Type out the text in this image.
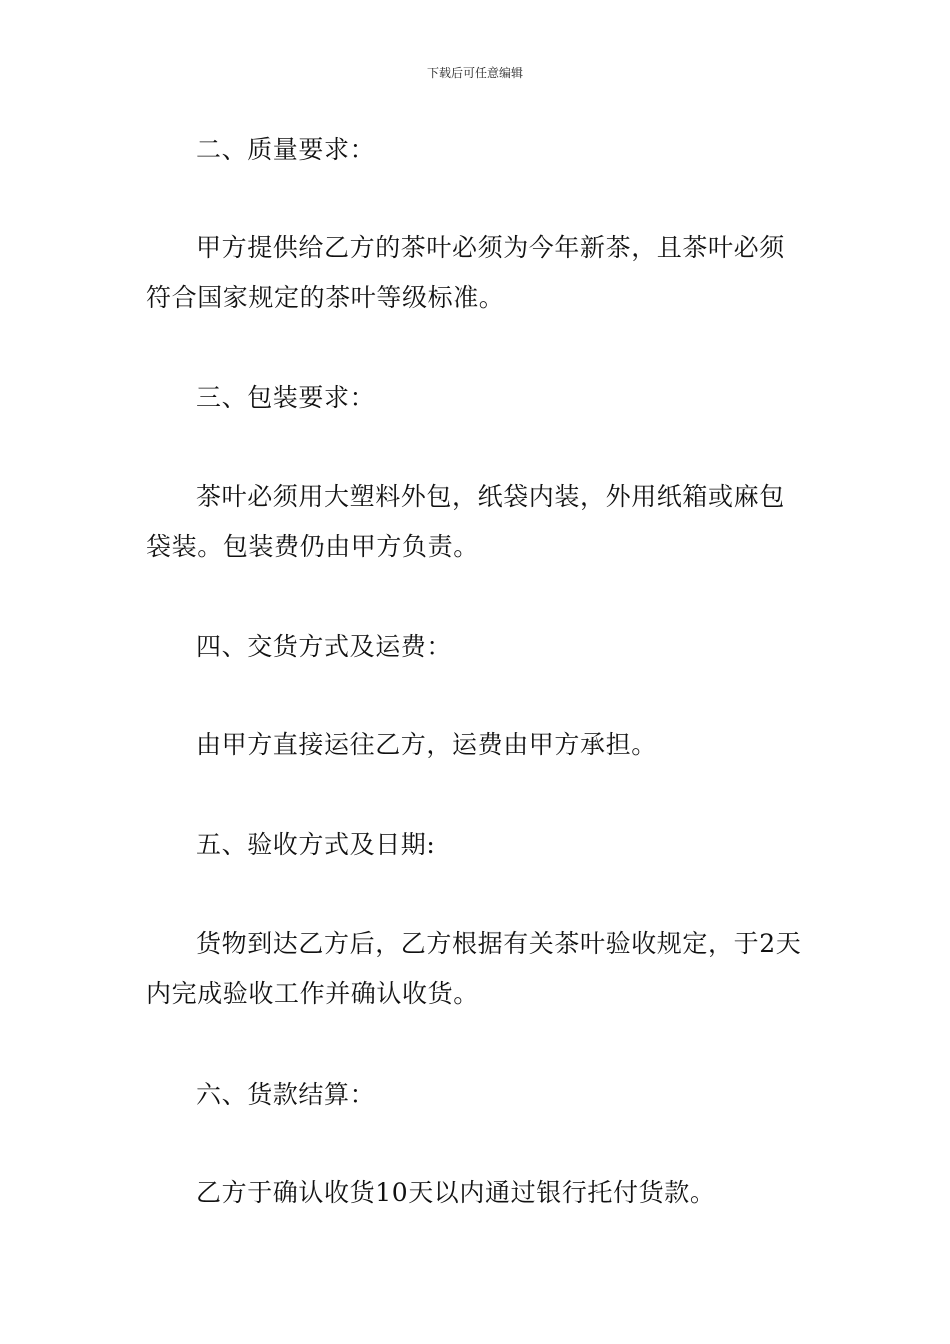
下载后可任意编辑
二、质量要求：
甲方提供给乙方的茶叶必须为今年新茶，且茶叶必须符合国家规定的茶叶等级标准。
三、包装要求：
茶叶必须用大塑料外包，纸袋内装，外用纸箱或麻包袋装。包装费仍由甲方负责。
四、交货方式及运费：
由甲方直接运往乙方，运费由甲方承担。
五、验收方式及日期:
货物到达乙方后，乙方根据有关茶叶验收规定，于2天内完成验收工作并确认收货。
六、货款结算：
乙方于确认收货10天以内通过银行托付货款。
